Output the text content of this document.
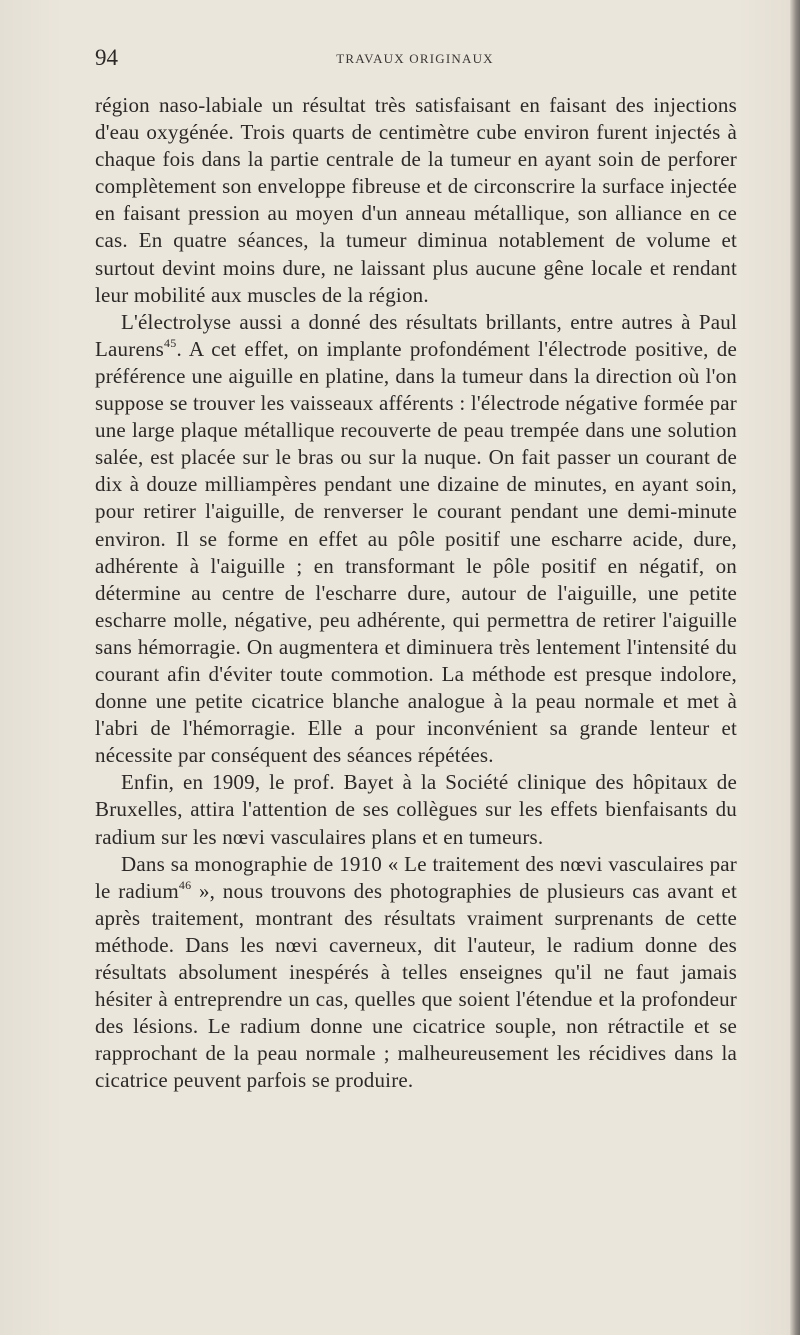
94	TRAVAUX ORIGINAUX

région naso-labiale un résultat très satisfaisant en faisant des injections d'eau oxygénée. Trois quarts de centimètre cube environ furent injectés à chaque fois dans la partie centrale de la tumeur en ayant soin de perforer complètement son enveloppe fibreuse et de circonscrire la surface injectée en faisant pression au moyen d'un anneau métallique, son alliance en ce cas. En quatre séances, la tumeur diminua notablement de volume et surtout devint moins dure, ne laissant plus aucune gêne locale et rendant leur mobilité aux muscles de la région.

L'électrolyse aussi a donné des résultats brillants, entre autres à Paul Laurens$^{45}$. A cet effet, on implante profondément l'électrode positive, de préférence une aiguille en platine, dans la tumeur dans la direction où l'on suppose se trouver les vaisseaux afférents : l'électrode négative formée par une large plaque métallique recouverte de peau trempée dans une solution salée, est placée sur le bras ou sur la nuque. On fait passer un courant de dix à douze milliampères pendant une dizaine de minutes, en ayant soin, pour retirer l'aiguille, de renverser le courant pendant une demi-minute environ. Il se forme en effet au pôle positif une escharre acide, dure, adhérente à l'aiguille ; en transformant le pôle positif en négatif, on détermine au centre de l'escharre dure, autour de l'aiguille, une petite escharre molle, négative, peu adhérente, qui permettra de retirer l'aiguille sans hémorragie. On augmentera et diminuera très lentement l'intensité du courant afin d'éviter toute commotion. La méthode est presque indolore, donne une petite cicatrice blanche analogue à la peau normale et met à l'abri de l'hémorragie. Elle a pour inconvénient sa grande lenteur et nécessite par conséquent des séances répétées.

Enfin, en 1909, le prof. Bayet à la Société clinique des hôpitaux de Bruxelles, attira l'attention de ses collègues sur les effets bienfaisants du radium sur les nœvi vasculaires plans et en tumeurs.

Dans sa monographie de 1910 « Le traitement des nœvi vasculaires par le radium$^{46}$ », nous trouvons des photographies de plusieurs cas avant et après traitement, montrant des résultats vraiment surprenants de cette méthode. Dans les nœvi caverneux, dit l'auteur, le radium donne des résultats absolument inespérés à telles enseignes qu'il ne faut jamais hésiter à entreprendre un cas, quelles que soient l'étendue et la profondeur des lésions. Le radium donne une cicatrice souple, non rétractile et se rapprochant de la peau normale ; malheureusement les récidives dans la cicatrice peuvent parfois se produire.
